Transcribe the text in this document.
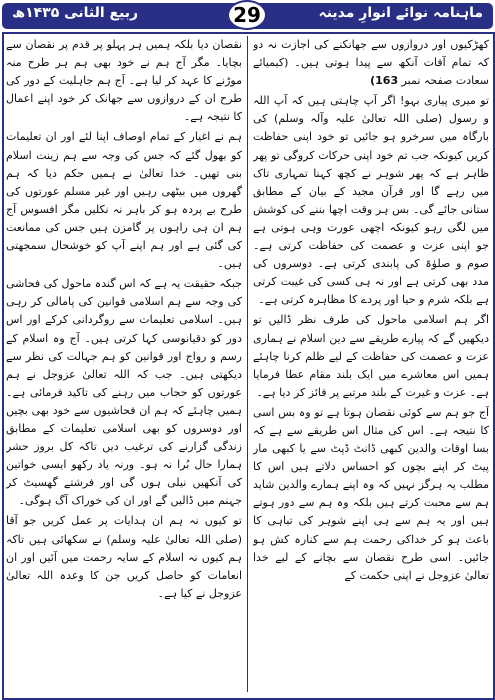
ربیع الثانی ۱۴۳۵ھ	ماہنامہ نوائے انوارِ مدینہ
29

کھڑکیوں اور دروازوں سے جھانکنے کی اجازت نہ دو کہ تمام آفات آنکھ سے پیدا ہوتی ہیں۔ (کیمیائے سعادت صفحہ نمبر 163)

تو میری پیاری بہو! اگر آپ چاہتی ہیں کہ آپ اللہ و رسول (صلی اللہ تعالیٰ علیہ وآلہ وسلم) کی بارگاہ میں سرخرو ہو جائیں تو خود اپنی حفاظت کریں کیونکہ جب تم خود اپنی حرکات کروگی تو پھر ظاہر ہے کہ پھر شوہر نے کچھ کہنا تمہاری تاک میں رہے گا اور قرآن مجید کے بیان کے مطابق ستانی جائے گی۔ بس ہر وقت اچھا بننے کی کوشش میں لگی رہو کیونکہ اچھی عورت وہی ہوتی ہے جو اپنی عزت و عصمت کی حفاظت کرتی ہے۔ صوم و صلوٰۃ کی پابندی کرتی ہے۔ دوسروں کی مدد بھی کرتی ہے اور نہ ہی کسی کی غیبت کرتی ہے بلکہ شرم و حیا اور پردے کا مظاہرہ کرتی ہے۔

اگر ہم اسلامی ماحول کی طرف نظر ڈالیں تو دیکھیں گے کہ پیارے طریقے سے دین اسلام نے ہماری عزت و عصمت کی حفاظت کے لیے ظلم کرنا چاہئے ہمیں اس معاشرے میں ایک بلند مقام عطا فرمایا ہے۔ عزت و غیرت کے بلند مرتبے پر فائز کر دیا ہے۔

آج جو ہم سے کوئی نقصان ہوتا ہے تو وہ بس اسی کا نتیجہ ہے۔ اس کی مثال اس طریقے سے ہے کہ بسا اوقات والدین کبھی ڈانٹ ڈپٹ سے یا کبھی مار پیٹ کر اپنے بچوں کو احساس دلاتے ہیں اس کا مطلب یہ ہرگز نہیں کہ وہ اپنے ہمارے والدین شاید ہم سے محبت کرتے ہیں بلکہ وہ ہم سے دور ہوتے ہیں اور یہ ہم سے ہی اپنے شوہر کی تباہی کا باعث ہو کر خداکی رحمت ہم سے کنارہ کش ہو جائیں۔ اسی طرح نقصان سے بچانے کے لیے خدا تعالیٰ عزوجل نے اپنی حکمت کے

نقصان دیا بلکہ ہمیں ہر پہلو پر قدم پر نقصان سے بچایا۔ مگر آج ہم نے خود بھی ہم ہر طرح منہ موڑنے کا عہد کر لیا ہے۔ آج ہم جاہلیت کے دور کی طرح ان کے دروازوں سے جھانک کر خود اپنے اعمال کا نتیجہ ہے۔

ہم نے اغیار کے تمام اوصاف اپنا لئے اور ان تعلیمات کو بھول گئے کہ جس کی وجہ سے ہم زینت اسلام بنی تھیں۔ خدا تعالیٰ نے ہمیں حکم دیا کہ ہم گھروں میں بیٹھی رہیں اور غیر مسلم عورتوں کی طرح بے پردہ ہو کر باہر نہ نکلیں مگر افسوس آج ہم ان ہی راہوں پر گامزن ہیں جس کی ممانعت کی گئی ہے اور ہم اپنے آپ کو خوشحال سمجھتی ہیں۔

جبکہ حقیقت یہ ہے کہ اس گندہ ماحول کی فحاشی کی وجہ سے ہم اسلامی قوانین کی پامالی کر رہی ہیں۔ اسلامی تعلیمات سے روگردانی کرکے اور اس دور کو دقیانوسی کہا کرتی ہیں۔ آج وہ اسلام کے رسم و رواج اور قوانین کو ہم جہالت کی نظر سے دیکھتی ہیں۔ جب کہ اللہ تعالیٰ عزوجل نے ہم عورتوں کو حجاب میں رہنے کی تاکید فرمائی ہے۔ ہمیں چاہئے کہ ہم ان فحاشیوں سے خود بھی بچیں اور دوسروں کو بھی اسلامی تعلیمات کے مطابق زندگی گزارنے کی ترغیب دیں تاکہ کل بروز حشر ہمارا حال بُرا نہ ہو۔ ورنہ یاد رکھو ایسی خواتین کی آنکھیں نیلی ہوں گی اور فرشتے گھسیٹ کر جہنم میں ڈالیں گے اور ان کی خوراک آگ ہوگی۔

تو کیوں نہ ہم ان ہدایات پر عمل کریں جو آقا (صلی اللہ تعالیٰ علیہ وسلم) نے سکھائی ہیں تاکہ ہم کیوں نہ اسلام کے سایہ رحمت میں آئیں اور ان انعامات کو حاصل کریں جن کا وعدہ اللہ تعالیٰ عزوجل نے کیا ہے۔
